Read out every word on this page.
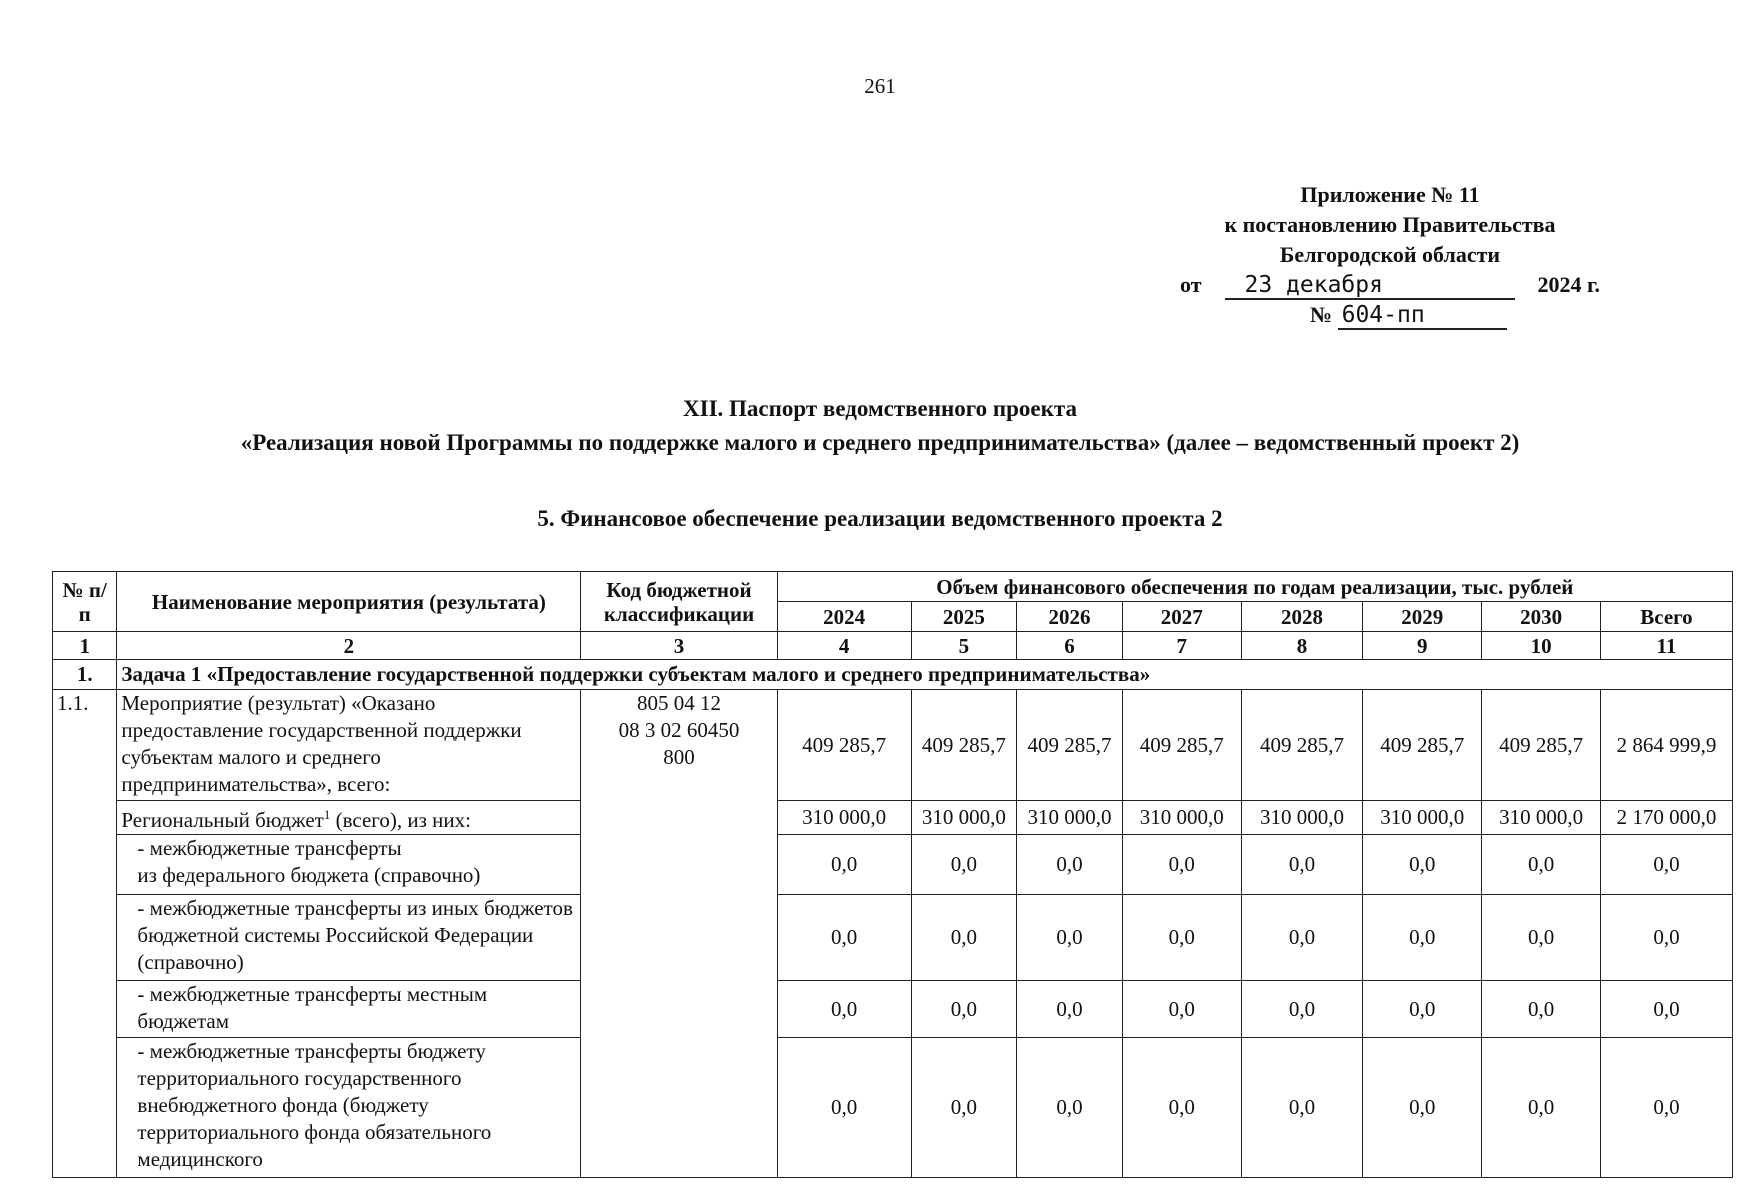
261
Приложение № 11
к постановлению Правительства
Белгородской области
от	23 декабря	2024 г.
№ 604-пп
XII. Паспорт ведомственного проекта
«Реализация новой Программы по поддержке малого и среднего предпринимательства» (далее – ведомственный проект 2)
5. Финансовое обеспечение реализации ведомственного проекта 2
№ п/п	Наименование мероприятия (результата)	Код бюджетной классификации	Объем финансового обеспечения по годам реализации, тыс. рублей							
			2024	2025	2026	2027	2028	2029	2030	Всего
1	2	3	4	5	6	7	8	9	10	11
1.	Задача 1 «Предоставление государственной поддержки субъектам малого и среднего предпринимательства»									
1.1.	Мероприятие (результат) «Оказано предоставление государственной поддержки субъектам малого и среднего предпринимательства», всего:	805 04 12
08 3 02 60450
800	409 285,7	409 285,7	409 285,7	409 285,7	409 285,7	409 285,7	409 285,7	2 864 999,9
	Региональный бюджет$^1$ (всего), из них:		310 000,0	310 000,0	310 000,0	310 000,0	310 000,0	310 000,0	310 000,0	2 170 000,0
	- межбюджетные трансферты
из федерального бюджета (справочно)		0,0	0,0	0,0	0,0	0,0	0,0	0,0	0,0
	- межбюджетные трансферты из иных бюджетов бюджетной системы Российской Федерации (справочно)		0,0	0,0	0,0	0,0	0,0	0,0	0,0	0,0
	- межбюджетные трансферты местным бюджетам		0,0	0,0	0,0	0,0	0,0	0,0	0,0	0,0
	- межбюджетные трансферты бюджету территориального государственного внебюджетного фонда (бюджету территориального фонда обязательного медицинского		0,0	0,0	0,0	0,0	0,0	0,0	0,0	0,0
